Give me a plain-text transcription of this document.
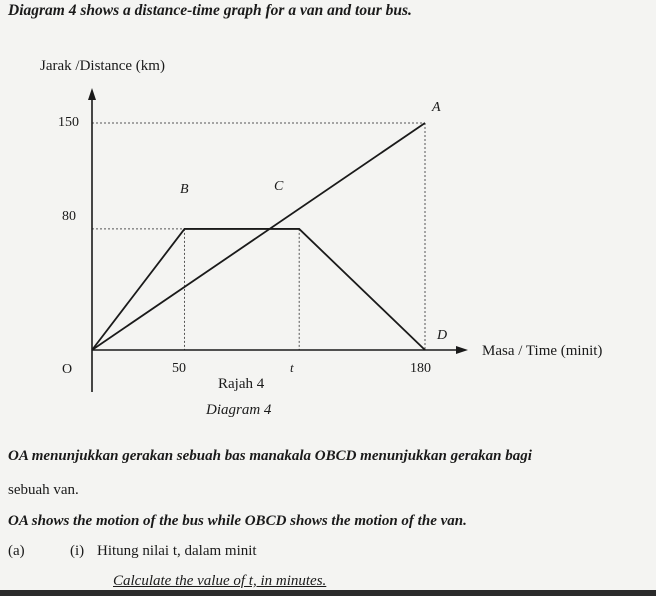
Diagram 4 shows a distance-time graph for a van and tour bus.
Jarak /Distance (km)
O
150
80
50	t	180
A
B	C
D
Masa / Time (minit)
Rajah 4
Diagram 4
OA menunjukkan gerakan sebuah bas manakala OBCD menunjukkan gerakan bagi
sebuah van.
OA shows the motion of the bus while OBCD shows the motion of the van.
(a)	(i) Hitung nilai t, dalam minit
Calculate the value of t, in minutes.
